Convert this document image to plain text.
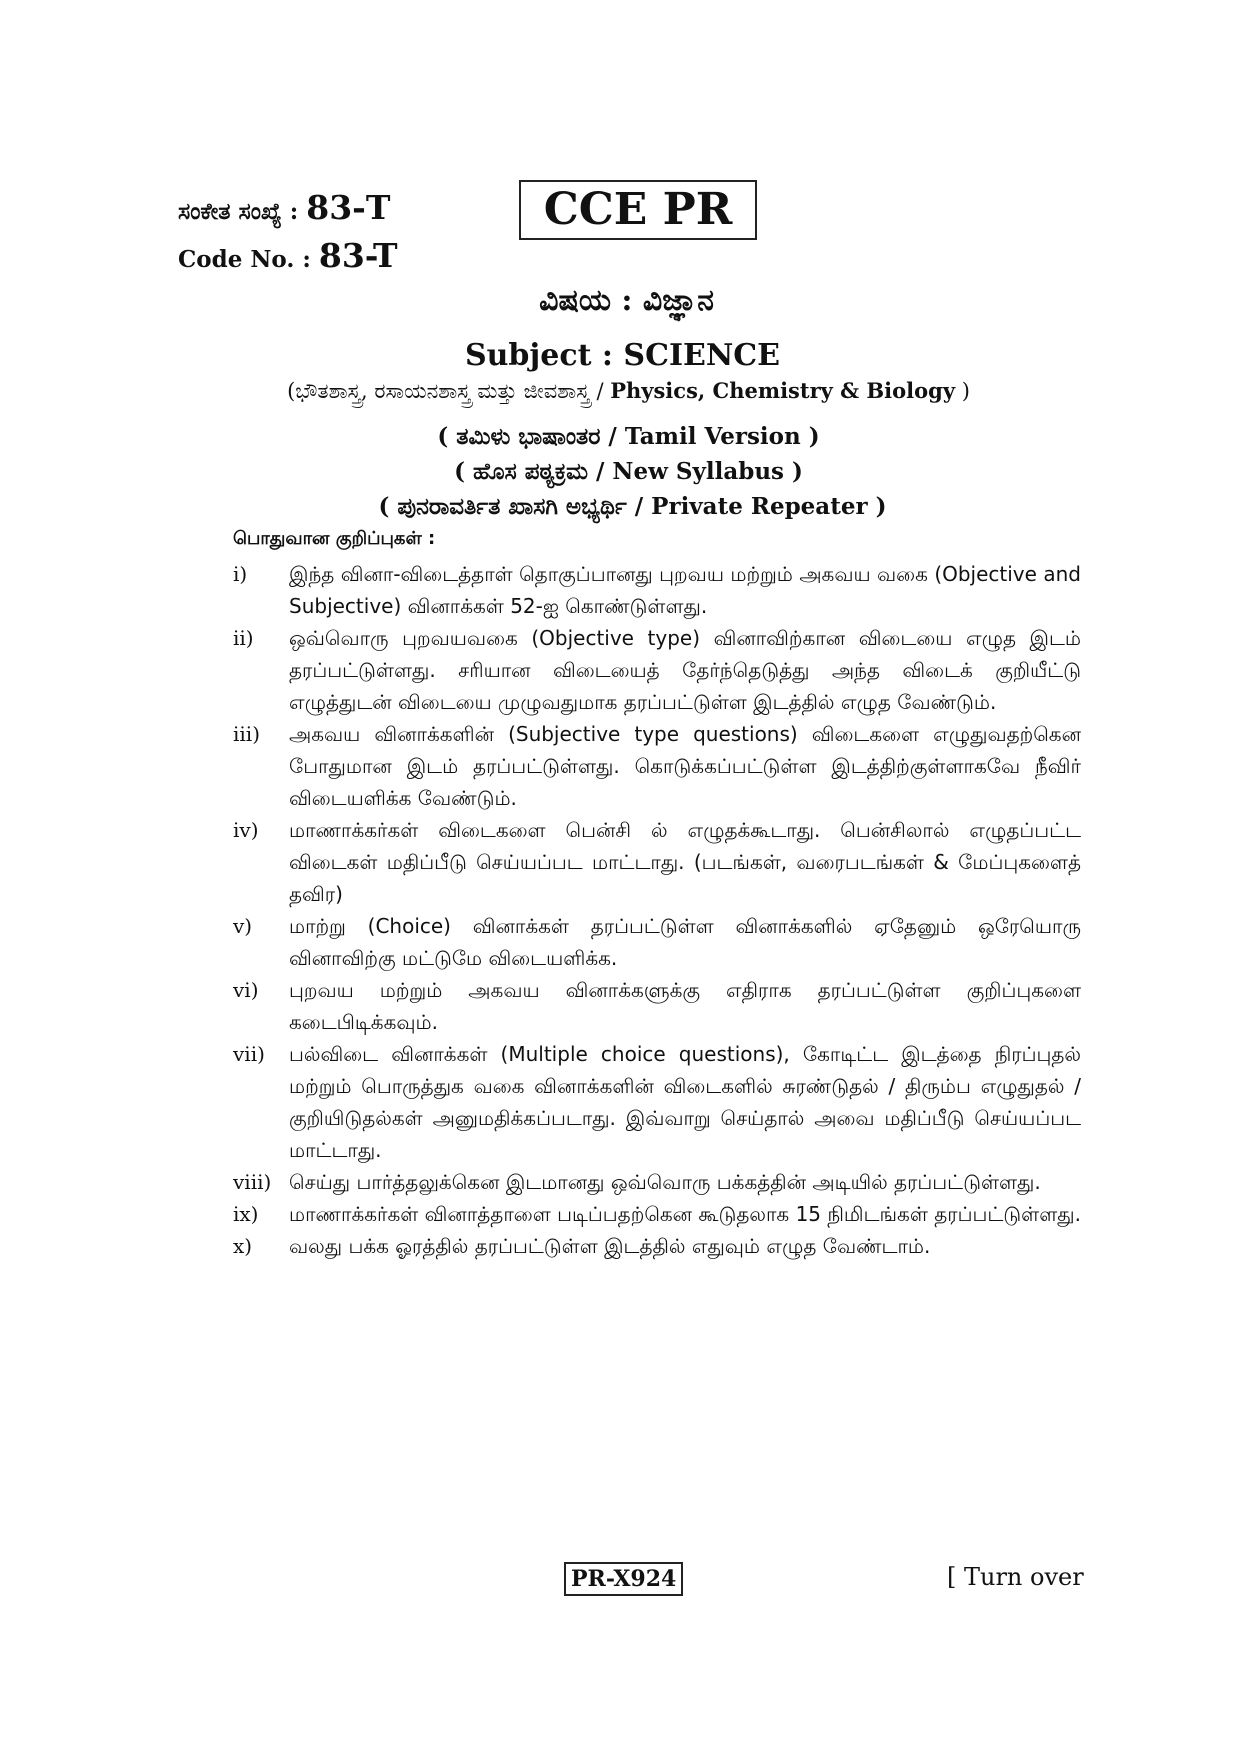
ಸಂಕೇತ ಸಂಖ್ಯೆ : 83-T
Code No. : 83-T
CCE PR
ವಿಷಯ : ವಿಜ್ಞಾನ
Subject : SCIENCE
(ಭೌತಶಾಸ್ತ್ರ, ರಸಾಯನಶಾಸ್ತ್ರ ಮತ್ತು ಜೀವಶಾಸ್ತ್ರ / Physics, Chemistry & Biology )
( ತಮಿಳು ಭಾಷಾಂತರ / Tamil Version )
( ಹೊಸ ಪಠ್ಯಕ್ರಮ / New Syllabus )
( ಪುನರಾವರ್ತಿತ ಖಾಸಗಿ ಅಭ್ಯರ್ಥಿ / Private Repeater )
பொதுவான குறிப்புகள் :
i)	இந்த வினா-விடைத்தாள் தொகுப்பானது புறவய மற்றும் அகவய வகை (Objective and Subjective) வினாக்கள் 52-ஐ கொண்டுள்ளது.
ii)	ஒவ்வொரு புறவயவகை (Objective type) வினாவிற்கான விடையை எழுத இடம் தரப்பட்டுள்ளது. சரியான விடையைத் தேர்ந்தெடுத்து அந்த விடைக் குறியீட்டு எழுத்துடன் விடையை முழுவதுமாக தரப்பட்டுள்ள இடத்தில் எழுத வேண்டும்.
iii)	அகவய வினாக்களின் (Subjective type questions) விடைகளை எழுதுவதற்கென போதுமான இடம் தரப்பட்டுள்ளது. கொடுக்கப்பட்டுள்ள இடத்திற்குள்ளாகவே நீவிர் விடையளிக்க வேண்டும்.
iv)	மாணாக்கர்கள் விடைகளை பென்சி ல் எழுதக்கூடாது. பென்சிலால் எழுதப்பட்ட விடைகள் மதிப்பீடு செய்யப்பட மாட்டாது. (படங்கள், வரைபடங்கள் & மேப்புகளைத் தவிர)
v)	மாற்று (Choice) வினாக்கள் தரப்பட்டுள்ள வினாக்களில் ஏதேனும் ஒரேயொரு வினாவிற்கு மட்டுமே விடையளிக்க.
vi)	புறவய மற்றும் அகவய வினாக்களுக்கு எதிராக தரப்பட்டுள்ள குறிப்புகளை கடைபிடிக்கவும்.
vii)	பல்விடை வினாக்கள் (Multiple choice questions), கோடிட்ட இடத்தை நிரப்புதல் மற்றும் பொருத்துக வகை வினாக்களின் விடைகளில் சுரண்டுதல் / திரும்ப எழுதுதல் / குறியிடுதல்கள் அனுமதிக்கப்படாது. இவ்வாறு செய்தால் அவை மதிப்பீடு செய்யப்பட மாட்டாது.
viii) செய்து பார்த்தலுக்கென இடமானது ஒவ்வொரு பக்கத்தின் அடியில் தரப்பட்டுள்ளது.
ix)	மாணாக்கர்கள் வினாத்தாளை படிப்பதற்கென கூடுதலாக 15 நிமிடங்கள் தரப்பட்டுள்ளது.
x)	வலது பக்க ஓரத்தில் தரப்பட்டுள்ள இடத்தில் எதுவும் எழுத வேண்டாம்.
PR-X924	[ Turn over
